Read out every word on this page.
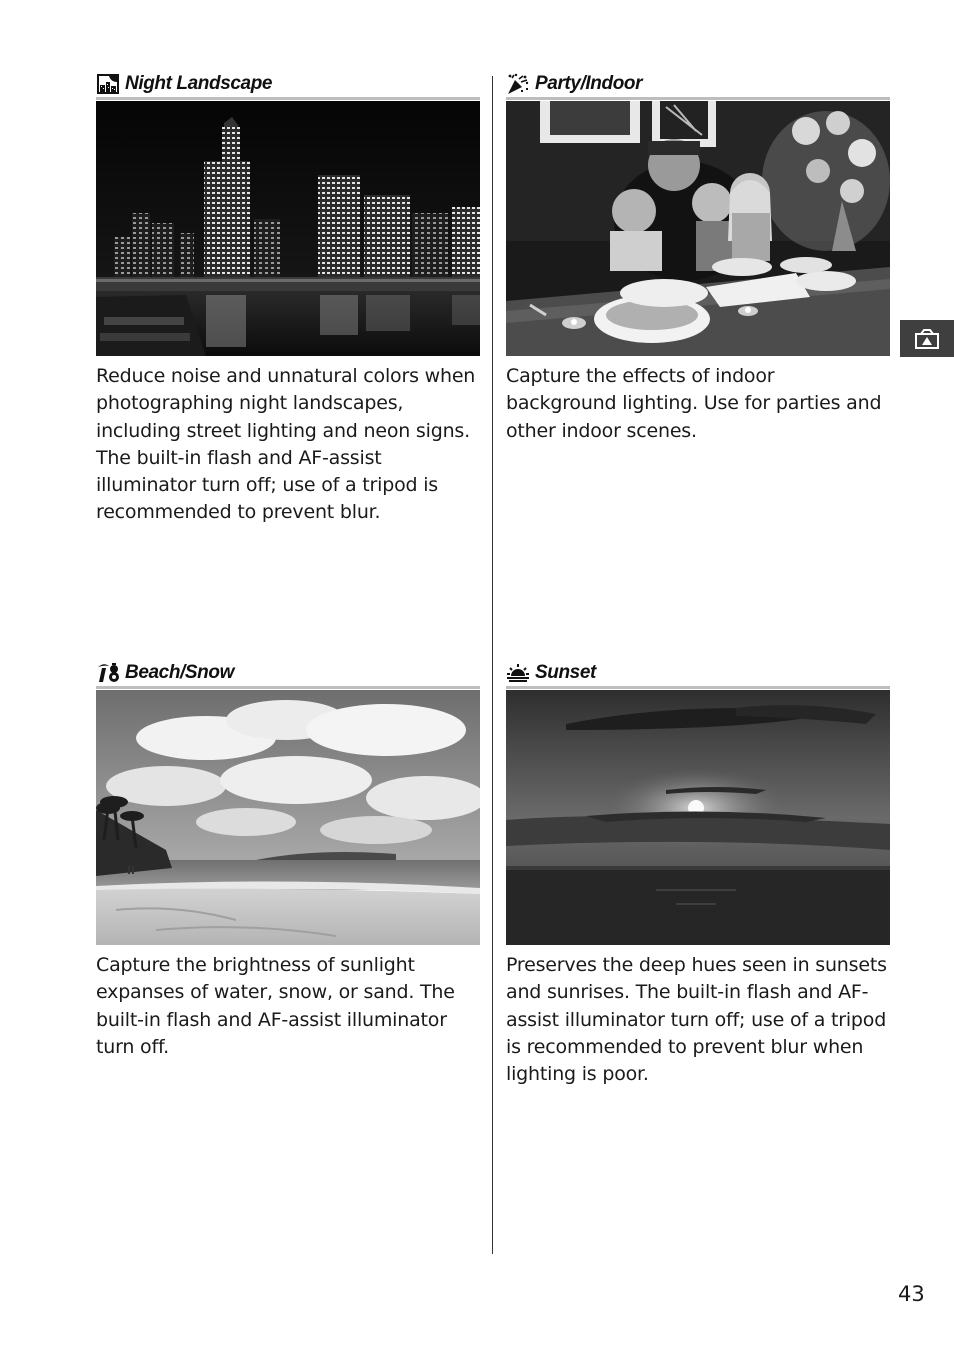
Night Landscape

Reduce noise and unnatural colors when photographing night landscapes, including street lighting and neon signs. The built-in flash and AF-assist illuminator turn off; use of a tripod is recommended to prevent blur.

Party/Indoor

Capture the effects of indoor background lighting. Use for parties and other indoor scenes.

Beach/Snow

Capture the brightness of sunlight expanses of water, snow, or sand. The built-in flash and AF-assist illuminator turn off.

Sunset

Preserves the deep hues seen in sunsets and sunrises. The built-in flash and AF-assist illuminator turn off; use of a tripod is recommended to prevent blur when lighting is poor.

43
